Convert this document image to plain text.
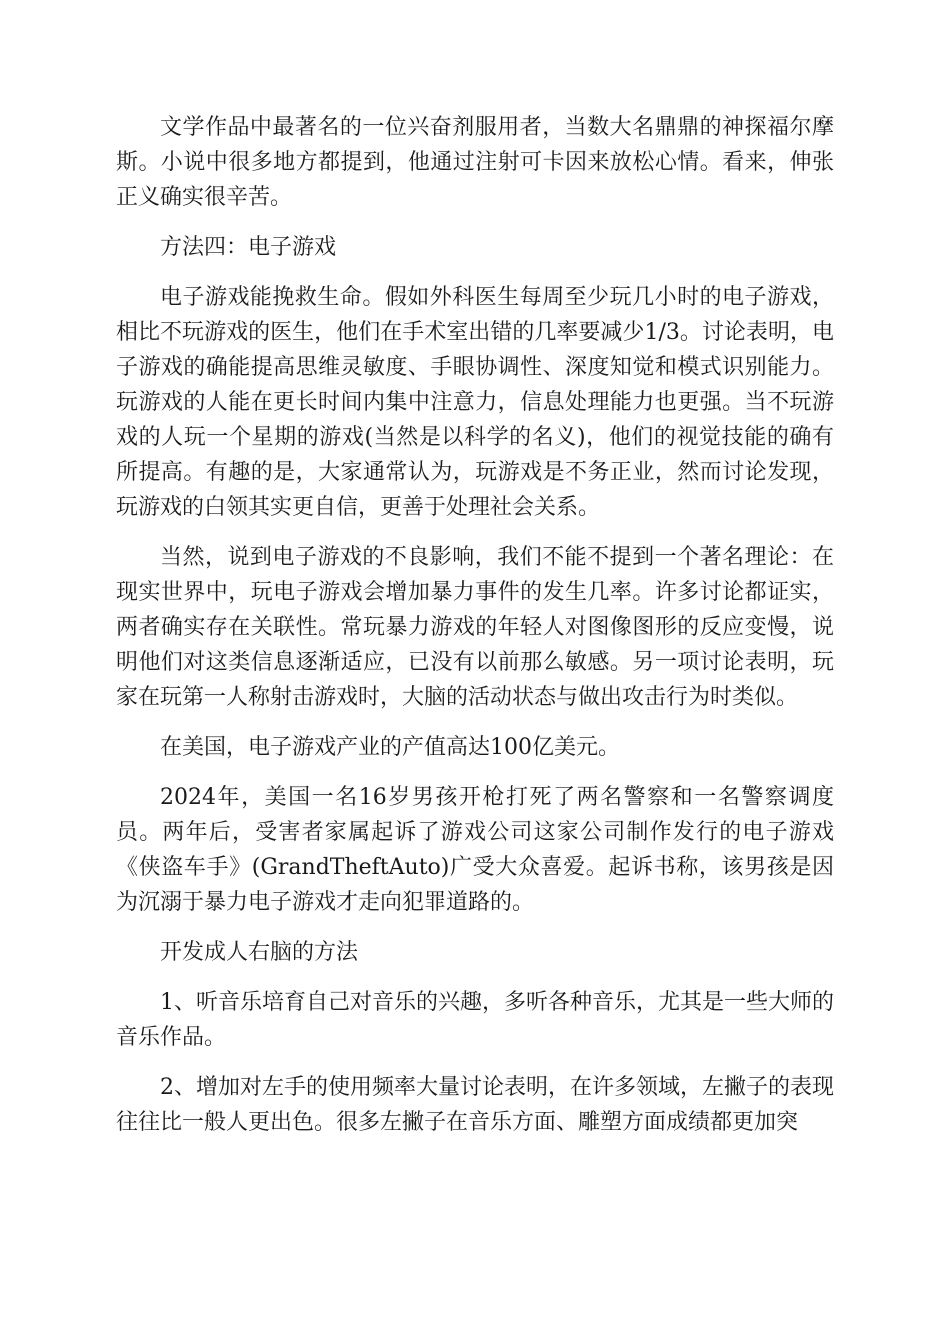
文学作品中最著名的一位兴奋剂服用者，当数大名鼎鼎的神探福尔摩斯。小说中很多地方都提到，他通过注射可卡因来放松心情。看来，伸张正义确实很辛苦。

方法四：电子游戏

电子游戏能挽救生命。假如外科医生每周至少玩几小时的电子游戏，相比不玩游戏的医生，他们在手术室出错的几率要减少1/3。讨论表明，电子游戏的确能提高思维灵敏度、手眼协调性、深度知觉和模式识别能力。玩游戏的人能在更长时间内集中注意力，信息处理能力也更强。当不玩游戏的人玩一个星期的游戏(当然是以科学的名义)，他们的视觉技能的确有所提高。有趣的是，大家通常认为，玩游戏是不务正业，然而讨论发现，玩游戏的白领其实更自信，更善于处理社会关系。

当然，说到电子游戏的不良影响，我们不能不提到一个著名理论：在现实世界中，玩电子游戏会增加暴力事件的发生几率。许多讨论都证实，两者确实存在关联性。常玩暴力游戏的年轻人对图像图形的反应变慢，说明他们对这类信息逐渐适应，已没有以前那么敏感。另一项讨论表明，玩家在玩第一人称射击游戏时，大脑的活动状态与做出攻击行为时类似。

在美国，电子游戏产业的产值高达100亿美元。

2024年，美国一名16岁男孩开枪打死了两名警察和一名警察调度员。两年后，受害者家属起诉了游戏公司这家公司制作发行的电子游戏《侠盗车手》(GrandTheftAuto)广受大众喜爱。起诉书称，该男孩是因为沉溺于暴力电子游戏才走向犯罪道路的。

开发成人右脑的方法

1、听音乐培育自己对音乐的兴趣，多听各种音乐，尤其是一些大师的音乐作品。

2、增加对左手的使用频率大量讨论表明，在许多领域，左撇子的表现往往比一般人更出色。很多左撇子在音乐方面、雕塑方面成绩都更加突
